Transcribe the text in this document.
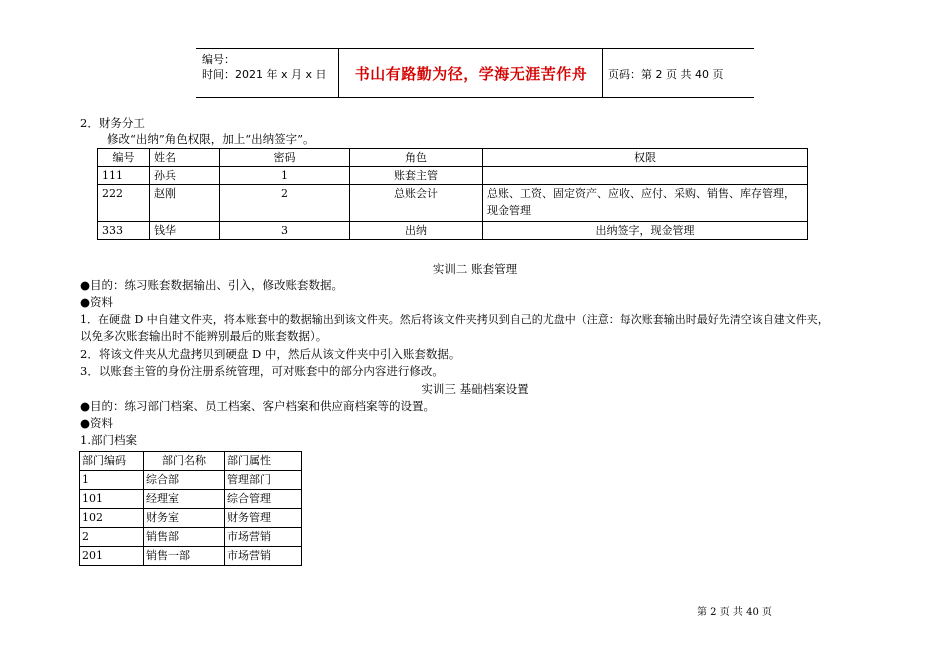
编号：
时间：2021 年 x 月 x 日	书山有路勤为径，学海无涯苦作舟	页码：第 2 页 共 40 页
2．财务分工
修改“出纳”角色权限，加上“出纳签字”。
编号	姓名	密码	角色	权限
111	孙兵	1	账套主管	
222	赵刚	2	总账会计	总账、工资、固定资产、应收、应付、采购、销售、库存管理，现金管理
333	钱华	3	出纳	出纳签字，现金管理
实训二 账套管理
●目的：练习账套数据输出、引入，修改账套数据。
●资料
1．在硬盘 D 中自建文件夹，将本账套中的数据输出到该文件夹。然后将该文件夹拷贝到自己的尤盘中（注意：每次账套输出时最好先清空该自建文件夹，
以免多次账套输出时不能辨别最后的账套数据）。
2．将该文件夹从尤盘拷贝到硬盘 D 中，然后从该文件夹中引入账套数据。
3．以账套主管的身份注册系统管理，可对账套中的部分内容进行修改。
实训三 基础档案设置
●目的：练习部门档案、员工档案、客户档案和供应商档案等的设置。
●资料
1.部门档案
部门编码	部门名称	部门属性
1	综合部	管理部门
101	经理室	综合管理
102	财务室	财务管理
2	销售部	市场营销
201	销售一部	市场营销
第 2 页 共 40 页
